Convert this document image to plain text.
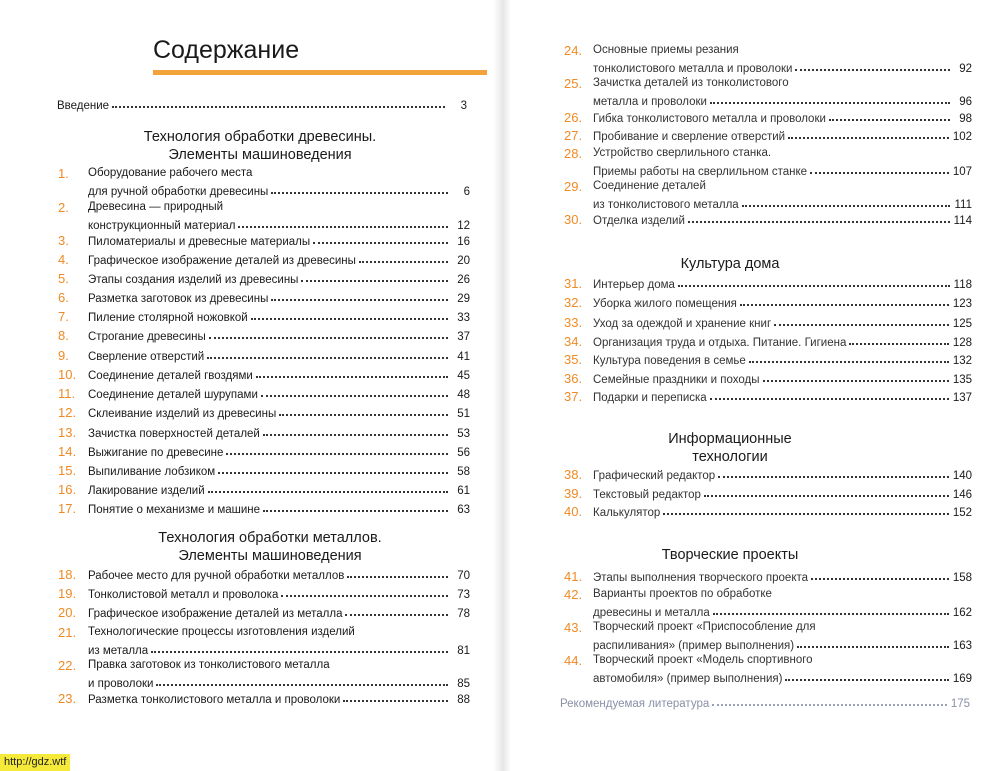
Содержание
Введение	3
Технология обработки древесины.
Элементы машиноведения
Технология обработки металлов.
Элементы машиноведения
1. Оборудование рабочего места
для ручной обработки древесины	6
2. Древесина — природный
конструкционный материал	12
3. Пиломатериалы и древесные материалы	16
4. Графическое изображение деталей из древесины	20
5. Этапы создания изделий из древесины	26
6. Разметка заготовок из древесины	29
7. Пиление столярной ножовкой	33
8. Строгание древесины	37
9. Сверление отверстий	41
10. Соединение деталей гвоздями	45
11. Соединение деталей шурупами	48
12. Склеивание изделий из древесины	51
13. Зачистка поверхностей деталей	53
14. Выжигание по древесине	56
15. Выпиливание лобзиком	58
16. Лакирование изделий	61
17. Понятие о механизме и машине	63
18. Рабочее место для ручной обработки металлов	70
19. Тонколистовой металл и проволока	73
20. Графическое изображение деталей из металла	78
21. Технологические процессы изготовления изделий
из металла	81
22. Правка заготовок из тонколистового металла
и проволоки	85
23. Разметка тонколистового металла и проволоки	88
Культура дома
Информационные
технологии
Творческие проекты
24. Основные приемы резания
тонколистового металла и проволоки	92
25. Зачистка деталей из тонколистового
металла и проволоки	96
26. Гибка тонколистового металла и проволоки	98
27. Пробивание и сверление отверстий	102
28. Устройство сверлильного станка.
Приемы работы на сверлильном станке	107
29. Соединение деталей
из тонколистового металла	111
30. Отделка изделий	114
31. Интерьер дома	118
32. Уборка жилого помещения	123
33. Уход за одеждой и хранение книг	125
34. Организация труда и отдыха. Питание. Гигиена	128
35. Культура поведения в семье	132
36. Семейные праздники и походы	135
37. Подарки и переписка	137
38. Графический редактор	140
39. Текстовый редактор	146
40. Калькулятор	152
41. Этапы выполнения творческого проекта	158
42. Варианты проектов по обработке
древесины и металла	162
43. Творческий проект «Приспособление для
распиливания» (пример выполнения)	163
44. Творческий проект «Модель спортивного
автомобиля» (пример выполнения)	169
Рекомендуемая литература	175
http://gdz.wtf
